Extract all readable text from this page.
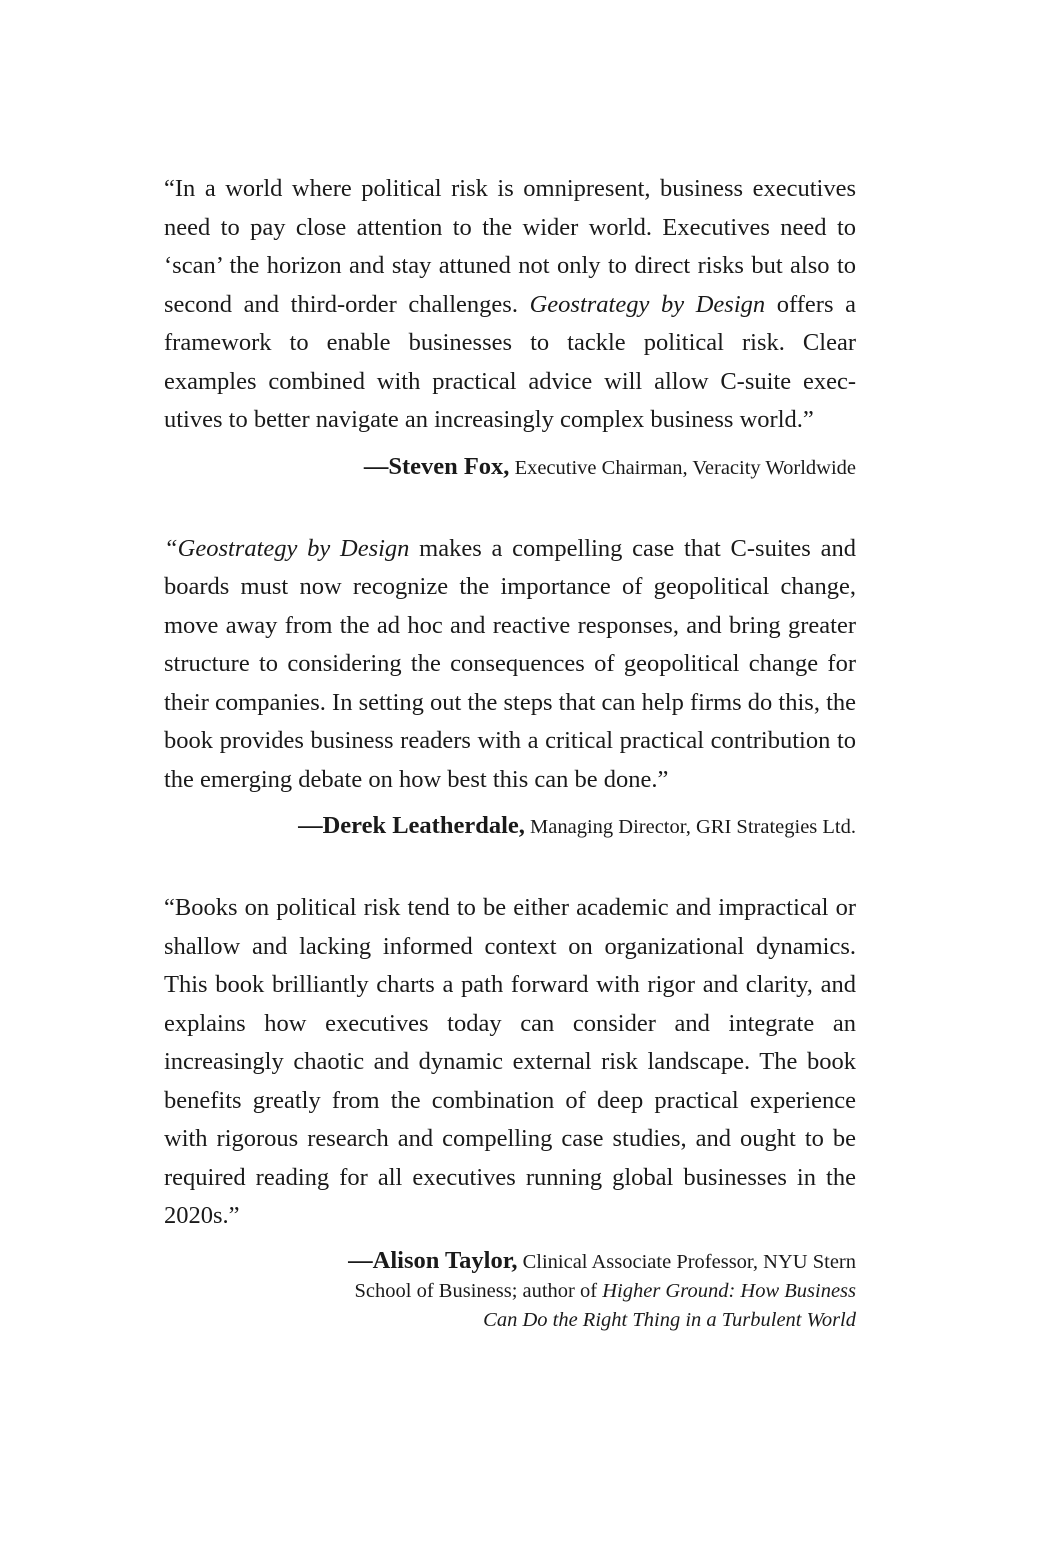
“In a world where political risk is omnipresent, business executives need to pay close attention to the wider world. Executives need to ‘scan’ the horizon and stay attuned not only to direct risks but also to second and third-order challenges. Geostrategy by Design offers a framework to enable businesses to tackle political risk. Clear examples combined with practical advice will allow C-suite executives to better navigate an increasingly complex business world.”

—Steven Fox, Executive Chairman, Veracity Worldwide

“Geostrategy by Design makes a compelling case that C-suites and boards must now recognize the importance of geopolitical change, move away from the ad hoc and reactive responses, and bring greater structure to considering the consequences of geopolitical change for their companies. In setting out the steps that can help firms do this, the book provides business readers with a critical practical contribution to the emerging debate on how best this can be done.”

—Derek Leatherdale, Managing Director, GRI Strategies Ltd.

“Books on political risk tend to be either academic and impractical or shallow and lacking informed context on organizational dynamics. This book brilliantly charts a path forward with rigor and clarity, and explains how executives today can consider and integrate an increasingly chaotic and dynamic external risk landscape. The book benefits greatly from the combination of deep practical experience with rigorous research and compelling case studies, and ought to be required reading for all executives running global businesses in the 2020s.”

—Alison Taylor, Clinical Associate Professor, NYU Stern
School of Business; author of Higher Ground: How Business
Can Do the Right Thing in a Turbulent World
